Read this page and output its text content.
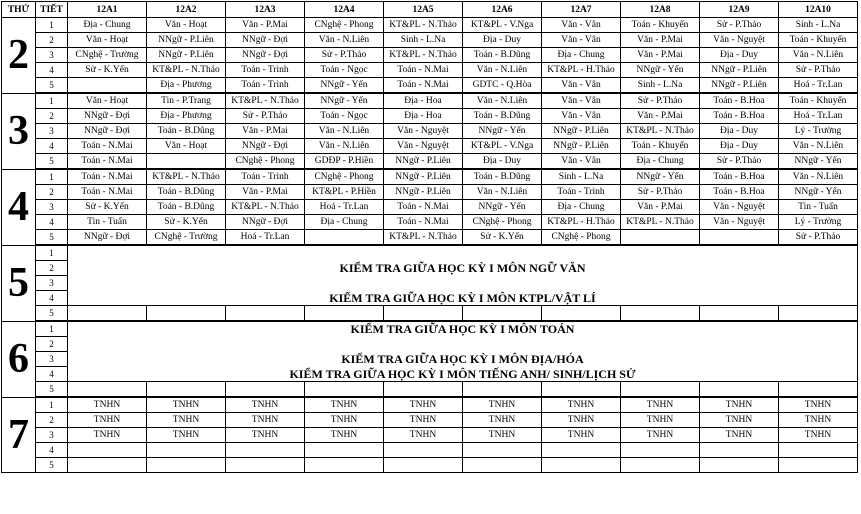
THỨ	TIẾT	12A1	12A2	12A3	12A4	12A5	12A6	12A7	12A8	12A9	12A10
2	1	Địa - Chung	Văn - Hoạt	Văn - P.Mai	CNghệ - Phong	KT&PL - N.Thảo	KT&PL - V.Nga	Văn - Vân	Toán - Khuyến	Sử - P.Thảo	Sinh - L.Na
	2	Văn - Hoạt	NNgữ - P.Liên	NNgữ - Đợi	Văn - N.Liên	Sinh - L.Na	Địa - Duy	Văn - Vân	Văn - P.Mai	Văn - Nguyệt	Toán - Khuyến
	3	CNghệ - Trường	NNgữ - P.Liên	NNgữ - Đợi	Sử - P.Thảo	KT&PL - N.Thảo	Toán - B.Dũng	Địa - Chung	Văn - P.Mai	Địa - Duy	Văn - N.Liên
	4	Sử - K.Yến	KT&PL - N.Thảo	Toán - Trình	Toán - Ngọc	Toán - N.Mai	Văn - N.Liên	KT&PL - H.Thảo	NNgữ - Yến	NNgữ - P.Liên	Sử - P.Thảo
	5		Địa - Phương	Toán - Trình	NNgữ - Yến	Toán - N.Mai	GDTC - Q.Hòa	Văn - Vân	Sinh - L.Na	NNgữ - P.Liên	Hoá - Tr.Lan
3	1	Văn - Hoạt	Tin - P.Trang	KT&PL - N.Thảo	NNgữ - Yến	Địa - Hoa	Văn - N.Liên	Văn - Vân	Sử - P.Thảo	Toán - B.Hoa	Toán - Khuyến
	2	NNgữ - Đợi	Địa - Phương	Sử - P.Thảo	Toán - Ngọc	Địa - Hoa	Toán - B.Dũng	Văn - Vân	Văn - P.Mai	Toán - B.Hoa	Hoá - Tr.Lan
	3	NNgữ - Đợi	Toán - B.Dũng	Văn - P.Mai	Văn - N.Liên	Văn - Nguyệt	NNgữ - Yến	NNgữ - P.Liên	KT&PL - N.Thảo	Địa - Duy	Lý - Trường
	4	Toán - N.Mai	Văn - Hoạt	NNgữ - Đợi	Văn - N.Liên	Văn - Nguyệt	KT&PL - V.Nga	NNgữ - P.Liên	Toán - Khuyến	Địa - Duy	Văn - N.Liên
	5	Toán - N.Mai		CNghệ - Phong	GDĐP - P.Hiền	NNgữ - P.Liên	Địa - Duy	Văn - Vân	Địa - Chung	Sử - P.Thảo	NNgữ - Yến
4	1	Toán - N.Mai	KT&PL - N.Thảo	Toán - Trình	CNghệ - Phong	NNgữ - P.Liên	Toán - B.Dũng	Sinh - L.Na	NNgữ - Yến	Toán - B.Hoa	Văn - N.Liên
	2	Toán - N.Mai	Toán - B.Dũng	Văn - P.Mai	KT&PL - P.Hiền	NNgữ - P.Liên	Văn - N.Liên	Toán - Trình	Sử - P.Thảo	Toán - B.Hoa	NNgữ - Yến
	3	Sử - K.Yến	Toán - B.Dũng	KT&PL - N.Thảo	Hoá - Tr.Lan	Toán - N.Mai	NNgữ - Yến	Địa - Chung	Văn - P.Mai	Văn - Nguyệt	Tin - Tuấn
	4	Tin - Tuấn	Sử - K.Yến	NNgữ - Đợi	Địa - Chung	Toán - N.Mai	CNghệ - Phong	KT&PL - H.Thảo	KT&PL - N.Thảo	Văn - Nguyệt	Lý - Trường
	5	NNgữ - Đợi	CNghệ - Trường	Hoá - Tr.Lan		KT&PL - N.Thảo	Sử - K.Yến	CNghệ - Phong			Sử - P.Thảo
5	1										
	2	KIỂM TRA GIỮA HỌC KỲ I MÔN NGỮ VĂN									
	3										
	4	KIỂM TRA GIỮA HỌC KỲ I MÔN KTPL/VẬT LÍ									
	5										
6	1	KIỂM TRA GIỮA HỌC KỲ I MÔN TOÁN									
	2										
	3	KIỂM TRA GIỮA HỌC KỲ I MÔN ĐỊA/HÓA									
	4	KIỂM TRA GIỮA HỌC KỲ I MÔN TIẾNG ANH/ SINH/LỊCH SỬ									
	5										
7	1	TNHN	TNHN	TNHN	TNHN	TNHN	TNHN	TNHN	TNHN	TNHN	TNHN
	2	TNHN	TNHN	TNHN	TNHN	TNHN	TNHN	TNHN	TNHN	TNHN	TNHN
	3	TNHN	TNHN	TNHN	TNHN	TNHN	TNHN	TNHN	TNHN	TNHN	TNHN
	4										
	5										
